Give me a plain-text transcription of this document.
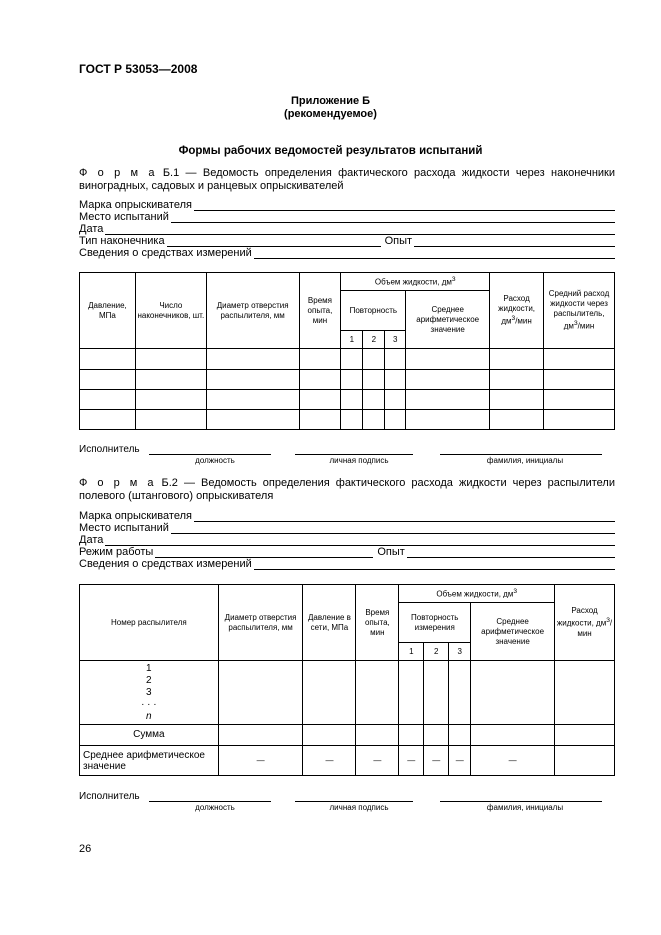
ГОСТ Р 53053—2008
Приложение Б
(рекомендуемое)
Формы рабочих ведомостей результатов испытаний
Ф о р м а Б.1 — Ведомость определения фактического расхода жидкости через наконечники виноградных, садовых и ранцевых опрыскивателей
Марка опрыскивателя
Место испытаний
Дата
Тип наконечника	Опыт
Сведения о средствах измерений
Давление, МПа	Число наконечников, шт.	Диаметр отверстия распылителя, мм	Время опыта, мин	Объем жидкости, $дм^3$				Расход жидкости, $дм^3$/мин	Средний расход жидкости через распылитель, $дм^3$/мин
				Повторность			Среднее арифметическое значение		
				1	2	3			

Исполнитель
должность	личная подпись	фамилия, инициалы
Ф о р м а Б.2 — Ведомость определения фактического расхода жидкости через распылители полевого (штангового) опрыскивателя
Марка опрыскивателя
Место испытаний
Дата
Режим работы	Опыт
Сведения о средствах измерений
Номер распылителя	Диаметр отверстия распылителя, мм	Давление в сети, МПа	Время опыта, мин	Объем жидкости, $дм^3$				Расход жидкости, $дм^3$/мин
				Повторность измерения			Среднее арифметическое значение	
				1	2	3		

1
2
3
· · ·
n								

Сумма								
Среднее арифметическое значение	—	—	—	—	—	—	—	
Исполнитель
должность	личная подпись	фамилия, инициалы
26
